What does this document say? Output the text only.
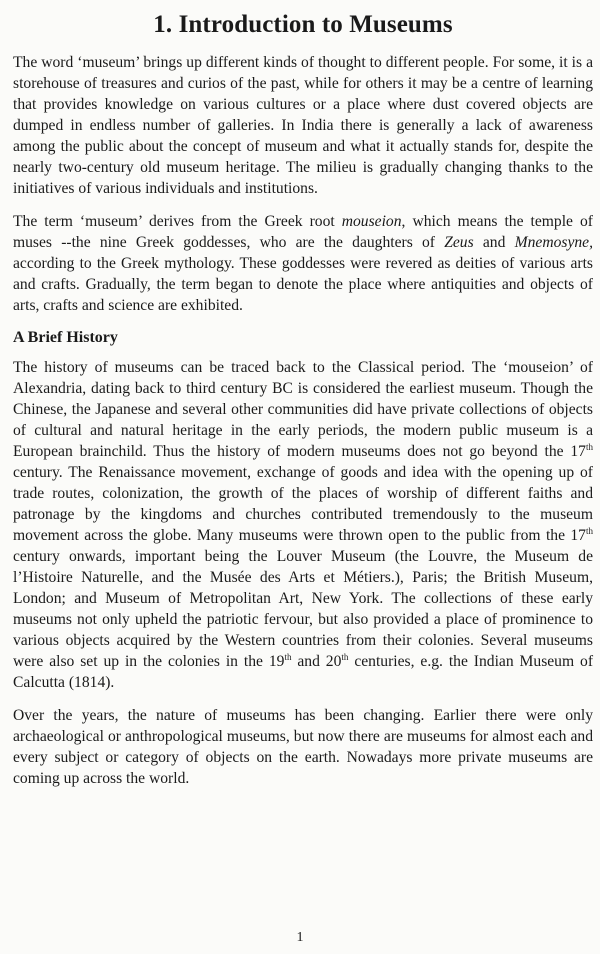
1. Introduction to Museums

The word ‘museum’ brings up different kinds of thought to different people. For some, it is a storehouse of treasures and curios of the past, while for others it may be a centre of learning that provides knowledge on various cultures or a place where dust covered objects are dumped in endless number of galleries. In India there is generally a lack of awareness among the public about the concept of museum and what it actually stands for, despite the nearly two-century old museum heritage. The milieu is gradually changing thanks to the initiatives of various individuals and institutions.

The term ‘museum’ derives from the Greek root mouseion, which means the temple of muses --the nine Greek goddesses, who are the daughters of Zeus and Mnemosyne, according to the Greek mythology. These goddesses were revered as deities of various arts and crafts. Gradually, the term began to denote the place where antiquities and objects of arts, crafts and science are exhibited.

A Brief History

The history of museums can be traced back to the Classical period. The ‘mouseion’ of Alexandria, dating back to third century BC is considered the earliest museum. Though the Chinese, the Japanese and several other communities did have private collections of objects of cultural and natural heritage in the early periods, the modern public museum is a European brainchild. Thus the history of modern museums does not go beyond the 17th century. The Renaissance movement, exchange of goods and idea with the opening up of trade routes, colonization, the growth of the places of worship of different faiths and patronage by the kingdoms and churches contributed tremendously to the museum movement across the globe. Many museums were thrown open to the public from the 17th century onwards, important being the Louver Museum (the Louvre, the Museum de l’Histoire Naturelle, and the Musée des Arts et Métiers.), Paris; the British Museum, London; and Museum of Metropolitan Art, New York. The collections of these early museums not only upheld the patriotic fervour, but also provided a place of prominence to various objects acquired by the Western countries from their colonies. Several museums were also set up in the colonies in the 19th and 20th centuries, e.g. the Indian Museum of Calcutta (1814).

Over the years, the nature of museums has been changing. Earlier there were only archaeological or anthropological museums, but now there are museums for almost each and every subject or category of objects on the earth. Nowadays more private museums are coming up across the world.

1
